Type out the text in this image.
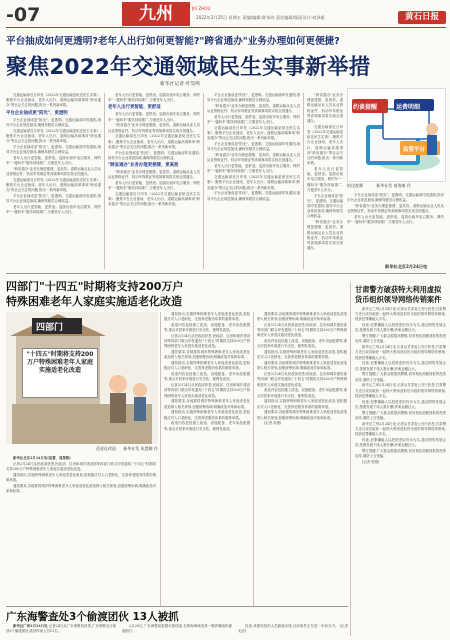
-07	九州	JIU ZHOU
2022年2月25日 星期五 责编/编辑:陈家玫 责任编辑/版面设计:何泽彪	黄石日报
平台抽成如何更透明?老年人出行如何更智能?"跨省通办"业务办理如何更便捷?
聚焦2022年交通领域民生实事新举措
新华社记者 叶昊鸣

交通运输部近日印发《2022年交通运输更贴近民生实事》,聚焦平台企业抽成、老年人出行、道路运输高频事项"跨省通办"等社会关注的问题,推出一系列新举措。

平台企业抽成更"阳光"、更透明

平台企业抽成更"阳光"、更透明。交通运输部印发通知,指导平台企业规范抽成,确保驾驶员合理收益。

交通运输部近日印发《2022年交通运输更贴近民生实事》,聚焦平台企业抽成、老年人出行、道路运输高频事项"跨省通办"等社会关注的问题,推出一系列新举措。

平台企业抽成更"阳光"、更透明。交通运输部印发通知,指导平台企业规范抽成,确保驾驶员合理收益。

老年人出行更智能、更舒适。巡游出租车电召服务、网约车"一键叫车"服务持续推广,方便老年人出行。

"跨省通办"业务办理更便捷、更高效。道路运输从业人员从业资格证件、机动车驾驶证等高频事项将实现全国通办。

交通运输部近日印发《2022年交通运输更贴近民生实事》,聚焦平台企业抽成、老年人出行、道路运输高频事项"跨省通办"等社会关注的问题,推出一系列新举措。

平台企业抽成更"阳光"、更透明。交通运输部印发通知,指导平台企业规范抽成,确保驾驶员合理收益。

老年人出行更智能、更舒适。巡游出租车电召服务、网约车"一键叫车"服务持续推广,方便老年人出行。

老年人出行更智能、更舒适。巡游出租车电召服务、网约车"一键叫车"服务持续推广,方便老年人出行。

老年人出行更智能、更舒适

老年人出行更智能、更舒适。巡游出租车电召服务、网约车"一键叫车"服务持续推广,方便老年人出行。

"跨省通办"业务办理更便捷、更高效。道路运输从业人员从业资格证件、机动车驾驶证等高频事项将实现全国通办。

交通运输部近日印发《2022年交通运输更贴近民生实事》,聚焦平台企业抽成、老年人出行、道路运输高频事项"跨省通办"等社会关注的问题,推出一系列新举措。

平台企业抽成更"阳光"、更透明。交通运输部印发通知,指导平台企业规范抽成,确保驾驶员合理收益。

"跨省通办"业务办理更便捷、更高效

"跨省通办"业务办理更便捷、更高效。道路运输从业人员从业资格证件、机动车驾驶证等高频事项将实现全国通办。

老年人出行更智能、更舒适。巡游出租车电召服务、网约车"一键叫车"服务持续推广,方便老年人出行。

交通运输部近日印发《2022年交通运输更贴近民生实事》,聚焦平台企业抽成、老年人出行、道路运输高频事项"跨省通办"等社会关注的问题,推出一系列新举措。

平台企业抽成更"阳光"、更透明。交通运输部印发通知,指导平台企业规范抽成,确保驾驶员合理收益。

"跨省通办"业务办理更便捷、更高效。道路运输从业人员从业资格证件、机动车驾驶证等高频事项将实现全国通办。

老年人出行更智能、更舒适。巡游出租车电召服务、网约车"一键叫车"服务持续推广,方便老年人出行。

交通运输部近日印发《2022年交通运输更贴近民生实事》,聚焦平台企业抽成、老年人出行、道路运输高频事项"跨省通办"等社会关注的问题,推出一系列新举措。

平台企业抽成更"阳光"、更透明。交通运输部印发通知,指导平台企业规范抽成,确保驾驶员合理收益。

"跨省通办"业务办理更便捷、更高效。道路运输从业人员从业资格证件、机动车驾驶证等高频事项将实现全国通办。

老年人出行更智能、更舒适。巡游出租车电召服务、网约车"一键叫车"服务持续推广,方便老年人出行。

交通运输部近日印发《2022年交通运输更贴近民生实事》,聚焦平台企业抽成、老年人出行、道路运输高频事项"跨省通办"等社会关注的问题,推出一系列新举措。

平台企业抽成更"阳光"、更透明。交通运输部印发通知,指导平台企业规范抽成,确保驾驶员合理收益。

"跨省通办"业务办理更便捷、更高效。道路运输从业人员从业资格证件、机动车驾驶证等高频事项将实现全国通办。

交通运输部近日印发《2022年交通运输更贴近民生实事》,聚焦平台企业抽成、老年人出行、道路运输高频事项"跨省通办"等社会关注的问题,推出一系列新举措。

老年人出行更智能、更舒适。巡游出租车电召服务、网约车"一键叫车"服务持续推广,方便老年人出行。

平台企业抽成更"阳光"、更透明。交通运输部印发通知,指导平台企业规范抽成,确保驾驶员合理收益。

"跨省通办"业务办理更便捷、更高效。道路运输从业人员从业资格证件、机动车驾驶证等高频事项将实现全国通办。

约谈提醒	运费明细
监管平台
的这视频	新华社发 南海秦 作

平台企业抽成更"阳光"、更透明。交通运输部印发通知,指导平台企业规范抽成,确保驾驶员合理收益。

"跨省通办"业务办理更便捷、更高效。道路运输从业人员从业资格证件、机动车驾驶证等高频事项将实现全国通办。

老年人出行更智能、更舒适。巡游出租车电召服务、网约车"一键叫车"服务持续推广,方便老年人出行。

新华社北京2月24日电
四部门"十四五"时期将支持200万户
特殊困难老年人家庭实施适老化改造
四部门
"十四五"时期将支持200万户特殊困难老年人家庭实施适老化改造
适老化改造 新华社发 朱慧卿 作

新华社北京2月24日电(高蕾、周慧敏)

记者2月24日从民政部获悉,民政部、住房和城乡建设部等四部门联合印发通知,"十四五"时期将支持200万户特殊困难老年人家庭实施适老化改造。

通知指出,实施特殊困难老年人家庭适老化改造,是积极应对人口老龄化、完善养老服务体系的重要举措。

通知要求,各地要将城乡特殊困难老年人家庭适老化改造纳入相关规划,加强统筹协调,明确改造对象和标准。

通知指出,实施特殊困难老年人家庭适老化改造,是积极应对人口老龄化、完善养老服务体系的重要举措。

改造内容包括施工改造、设施配备、老年用品配置等,重点对居家环境进行安全性、便利性改造。

记者2月24日从民政部获悉,民政部、住房和城乡建设部等四部门联合印发通知,"十四五"时期将支持200万户特殊困难老年人家庭实施适老化改造。

通知要求,各地要将城乡特殊困难老年人家庭适老化改造纳入相关规划,加强统筹协调,明确改造对象和标准。

通知指出,实施特殊困难老年人家庭适老化改造,是积极应对人口老龄化、完善养老服务体系的重要举措。

改造内容包括施工改造、设施配备、老年用品配置等,重点对居家环境进行安全性、便利性改造。

记者2月24日从民政部获悉,民政部、住房和城乡建设部等四部门联合印发通知,"十四五"时期将支持200万户特殊困难老年人家庭实施适老化改造。

通知要求,各地要将城乡特殊困难老年人家庭适老化改造纳入相关规划,加强统筹协调,明确改造对象和标准。

通知指出,实施特殊困难老年人家庭适老化改造,是积极应对人口老龄化、完善养老服务体系的重要举措。

改造内容包括施工改造、设施配备、老年用品配置等,重点对居家环境进行安全性、便利性改造。

通知要求,各地要将城乡特殊困难老年人家庭适老化改造纳入相关规划,加强统筹协调,明确改造对象和标准。

记者2月24日从民政部获悉,民政部、住房和城乡建设部等四部门联合印发通知,"十四五"时期将支持200万户特殊困难老年人家庭实施适老化改造。

改造内容包括施工改造、设施配备、老年用品配置等,重点对居家环境进行安全性、便利性改造。

通知指出,实施特殊困难老年人家庭适老化改造,是积极应对人口老龄化、完善养老服务体系的重要举措。

通知要求,各地要将城乡特殊困难老年人家庭适老化改造纳入相关规划,加强统筹协调,明确改造对象和标准。

记者2月24日从民政部获悉,民政部、住房和城乡建设部等四部门联合印发通知,"十四五"时期将支持200万户特殊困难老年人家庭实施适老化改造。

改造内容包括施工改造、设施配备、老年用品配置等,重点对居家环境进行安全性、便利性改造。

通知指出,实施特殊困难老年人家庭适老化改造,是积极应对人口老龄化、完善养老服务体系的重要举措。

通知要求,各地要将城乡特殊困难老年人家庭适老化改造纳入相关规划,加强统筹协调,明确改造对象和标准。

(记者 高蕾)

甘肃警方破获特大利用虚拟
货币组织领导网络传销案件

新华社兰州2月24日电 记者从甘肃省公安厅获悉,甘肃警方近日成功破获一起特大利用虚拟货币组织领导网络传销案,抓获犯罪嫌疑人多名。

经查,犯罪嫌疑人以投资虚拟货币为名,通过网络发展会员,按照发展下线人数计酬,涉案金额巨大。

警方提醒,广大群众要提高警惕,切勿相信高额回报的投资宣传,谨防上当受骗。

新华社兰州2月24日电 记者从甘肃省公安厅获悉,甘肃警方近日成功破获一起特大利用虚拟货币组织领导网络传销案,抓获犯罪嫌疑人多名。

经查,犯罪嫌疑人以投资虚拟货币为名,通过网络发展会员,按照发展下线人数计酬,涉案金额巨大。

警方提醒,广大群众要提高警惕,切勿相信高额回报的投资宣传,谨防上当受骗。

新华社兰州2月24日电 记者从甘肃省公安厅获悉,甘肃警方近日成功破获一起特大利用虚拟货币组织领导网络传销案,抓获犯罪嫌疑人多名。

经查,犯罪嫌疑人以投资虚拟货币为名,通过网络发展会员,按照发展下线人数计酬,涉案金额巨大。

警方提醒,广大群众要提高警惕,切勿相信高额回报的投资宣传,谨防上当受骗。

新华社兰州2月24日电 记者从甘肃省公安厅获悉,甘肃警方近日成功破获一起特大利用虚拟货币组织领导网络传销案,抓获犯罪嫌疑人多名。

经查,犯罪嫌疑人以投资虚拟货币为名,通过网络发展会员,按照发展下线人数计酬,涉案金额巨大。

警方提醒,广大群众要提高警惕,切勿相信高额回报的投资宣传,谨防上当受骗。

(记者 郭刚)

广东海警查处3个偷渡团伙 13人被抓

新华社广州2月24日电 记者24日从广东海警局获悉,广东海警近日破获3个偷渡团伙,抓获涉案人员13名。

2月20日,广东海警局根据可靠线索,在珠海海域查获一艘涉嫌组织偷渡船只。

经查,该团伙组织人员偷渡出境,目前案件正在进一步侦办中。 (记者 毛语)
